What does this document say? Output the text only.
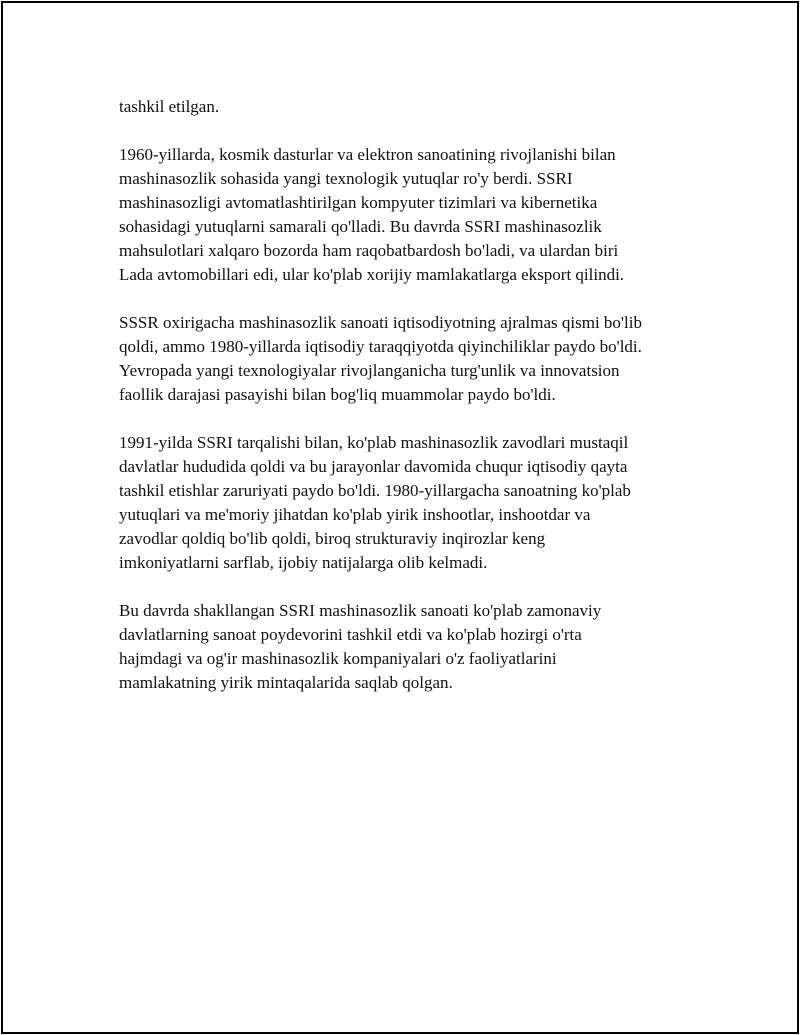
tashkil etilgan.

1960-yillarda, kosmik dasturlar va elektron sanoatining rivojlanishi bilan
mashinasozlik sohasida yangi texnologik yutuqlar ro'y berdi. SSRI
mashinasozligi avtomatlashtirilgan kompyuter tizimlari va kibernetika
sohasidagi yutuqlarni samarali qo'lladi. Bu davrda SSRI mashinasozlik
mahsulotlari xalqaro bozorda ham raqobatbardosh bo'ladi, va ulardan biri
Lada avtomobillari edi, ular ko'plab xorijiy mamlakatlarga eksport qilindi.

SSSR oxirigacha mashinasozlik sanoati iqtisodiyotning ajralmas qismi bo'lib
qoldi, ammo 1980-yillarda iqtisodiy taraqqiyotda qiyinchiliklar paydo bo'ldi.
Yevropada yangi texnologiyalar rivojlanganicha turg'unlik va innovatsion
faollik darajasi pasayishi bilan bog'liq muammolar paydo bo'ldi.

1991-yilda SSRI tarqalishi bilan, ko'plab mashinasozlik zavodlari mustaqil
davlatlar hududida qoldi va bu jarayonlar davomida chuqur iqtisodiy qayta
tashkil etishlar zaruriyati paydo bo'ldi. 1980-yillargacha sanoatning ko'plab
yutuqlari va me'moriy jihatdan ko'plab yirik inshootlar, inshootdar va
zavodlar qoldiq bo'lib qoldi, biroq strukturaviy inqirozlar keng
imkoniyatlarni sarflab, ijobiy natijalarga olib kelmadi.

Bu davrda shakllangan SSRI mashinasozlik sanoati ko'plab zamonaviy
davlatlarning sanoat poydevorini tashkil etdi va ko'plab hozirgi o'rta
hajmdagi va og'ir mashinasozlik kompaniyalari o'z faoliyatlarini
mamlakatning yirik mintaqalarida saqlab qolgan.
